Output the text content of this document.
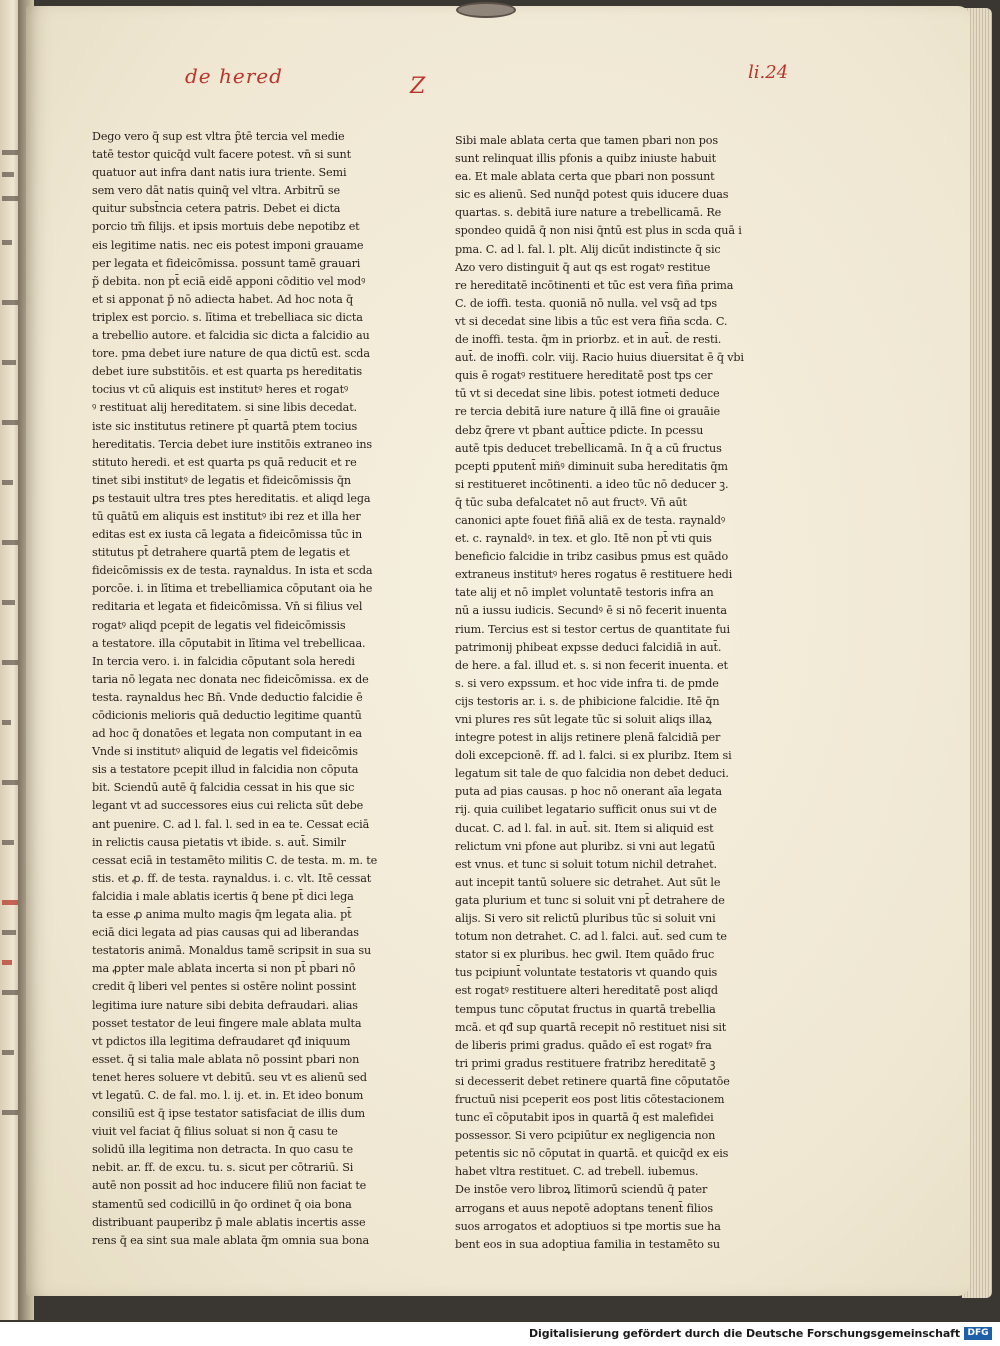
de hered	Z
li.24
Dego vero q̄ sup est vltra p̃tē tercia vel medie
tatē testor quicq̄d vult facere potest. vn̄ si sunt
quatuor aut infra dant natis iura triente. Semi
sem vero dāt natis quinq̄ vel vltra. Arbitrū se
quitur subst̄ncia cetera patris. Debet ei dicta
porcio tm̄ filijs. et ipsis mortuis debe nepotibz et
eis legitime natis. nec eis potest imponi grauame
per legata et fideicōmissa. possunt tamē grauari
p̃ debita. non pt̄ eciā eidē apponi cōditio vel modꝰ
et si apponat p̄ nō adiecta habet. Ad hoc nota q̄
triplex est porcio. s. lītima et trebelliaca sic dicta
a trebellio autore. et falcidia sic dicta a falcidio au
tore. pma debet iure nature de qua dictū est. scda
debet iure substitōis. et est quarta ps hereditatis
tocius vt cū aliquis est institutꝰ heres et rogatꝰ
ꝰ restituat alij hereditatem. si sine libis decedat.
iste sic institutus retinere pt̄ quartā ptem tocius
hereditatis. Tercia debet iure institōis extraneo ins
stituto heredi. et est quarta ps quā reducit et re
tinet sibi institutꝰ de legatis et fideicōmissis q̄n
ꝑs testauit ultra tres ptes hereditatis. et aliqd lega
tū quātū em aliquis est institutꝰ ibi rez et illa her
editas est ex iusta cā legata a fideicōmissa tūc in
stitutus pt̄ detrahere quartā ptem de legatis et
fideicōmissis ex de testa. raynaldus. In ista et scda
porcōe. i. in lītima et trebelliamica cōputant oia he
reditaria et legata et fideicōmissa. Vn̄ si filius vel
rogatꝰ aliqd pcepit de legatis vel fideicōmissis
a testatore. illa cōputabit in lītima vel trebellicaa.
In tercia vero. i. in falcidia cōputant sola heredi
taria nō legata nec donata nec fideicōmissa. ex de
testa. raynaldus hec Bn̄. Vnde deductio falcidie ē
cōdicionis melioris quā deductio legitime quantū
ad hoc q̄ donatōes et legata non computant in ea
Vnde si institutꝰ aliquid de legatis vel fideicōmis
sis a testatore pcepit illud in falcidia non cōputa
bit. Sciendū autē q̄ falcidia cessat in his que sic
legant vt ad successores eius cui relicta sūt debe
ant puenire. C. ad l. fal. l. sed in ea te. Cessat eciā
in relictis causa pietatis vt ibide. s. aut̄. Similr
cessat eciā in testamēto militis C. de testa. m. m. te
stis. et ꝓ. ff. de testa. raynaldus. i. c. vlt. Itē cessat
falcidia i male ablatis icertis q̄ bene pt̄ dici lega
ta esse ꝓ anima multo magis q̄m legata alia. pt̄
eciā dici legata ad pias causas qui ad liberandas
testatoris animā. Monaldus tamē scripsit in sua su
ma ꝓpter male ablata incerta si non pt̄ pbari nō
credit q̄ liberi vel pentes si ostēre nolint possint
legitima iure nature sibi debita defraudari. alias
posset testator de leui fingere male ablata multa
vt pdictos illa legitima defraudaret qđ iniquum
esset. q̄ si talia male ablata nō possint pbari non
tenet heres soluere vt debitū. seu vt es alienū sed
vt legatū. C. de fal. mo. l. ij. et. in. Et ideo bonum
consiliū est q̄ ipse testator satisfaciat de illis dum
viuit vel faciat q̄ filius soluat si non q̄ casu te
solidū illa legitima non detracta. In quo casu te
nebit. ar. ff. de excu. tu. s. sicut per cōtrariū. Si
autē non possit ad hoc inducere filiū non faciat te
stamentū sed codicillū in q̄o ordinet q̄ oia bona
distribuant pauperibz p̄ male ablatis incertis asse
rens q̄ ea sint sua male ablata q̄m omnia sua bona
Sibi male ablata certa que tamen pbari non pos
sunt relinquat illis pfonis a quibz iniuste habuit
ea. Et male ablata certa que pbari non possunt
sic es alienū. Sed nunq̄d potest quis iducere duas
quartas. s. debitā iure nature a trebellicamā. Re
spondeo quidā q̄ non nisi q̄ntū est plus in scda quā i
pma. C. ad l. fal. l. plt. Alij dicūt indistincte q̄ sic
Azo vero distinguit q̄ aut qs est rogatꝰ restitue
re hereditatē incōtinenti et tūc est vera fiña prima
C. de ioffi. testa. quoniā nō nulla. vel vsq̄ ad tps
vt si decedat sine libis a tūc est vera fiña scda. C.
de inoffi. testa. q̄m in priorbz. et in aut̄. de resti.
aut̄. de inoffi. colr. viij. Racio huius diuersitat ē q̄ vbi
quis ē rogatꝰ restituere hereditatē post tps cer
tū vt si decedat sine libis. potest iotmeti deduce
re tercia debitā iure nature q̄ illā fine oi grauāie
debz q̄rere vt pbant aut̄tice pdicte. In pcessu
autē tpis deducet trebellicamā. In q̄ a cū fructus
pcepti ꝑputent̄ miñꝰ diminuit suba hereditatis q̄m
si restitueret incōtinenti. a ideo tūc nō deducer ꝫ.
q̄ tūc suba defalcatet nō aut fructꝰ. Vn̄ aūt
canonici apte fouet fiñā aliā ex de testa. raynaldꝰ
et. c. raynaldꝰ. in tex. et glo. Itē non pt̄ vti quis
beneficio falcidie in tribz casibus pmus est quādo
extraneus institutꝰ heres rogatus ē restituere hedi
tate alij et nō implet voluntatē testoris infra an
nū a iussu iudicis. Secundꝰ ē si nō fecerit inuenta
rium. Tercius est si testor certus de quantitate fui
patrimonij phibeat expsse deduci falcidiā in aut̄.
de here. a fal. illud et. s. si non fecerit inuenta. et
s. si vero expssum. et hoc vide infra ti. de pmde
cijs testoris ar. i. s. de phibicione falcidie. Itē q̄n
vni plures res sūt legate tūc si soluit aliqs illaꝝ
integre potest in alijs retinere plenā falcidiā per
doli excepcionē. ff. ad l. falci. si ex pluribz. Item si
legatum sit tale de quo falcidia non debet deduci.
puta ad pias causas. p hoc nō onerant aīa legata
rij. quia cuilibet legatario sufficit onus sui vt de
ducat. C. ad l. fal. in aut̄. sit. Item si aliquid est
relictum vni pfone aut pluribz. si vni aut legatū
est vnus. et tunc si soluit totum nichil detrahet.
aut incepit tantū soluere sic detrahet. Aut sūt le
gata plurium et tunc si soluit vni pt̄ detrahere de
alijs. Si vero sit relictū pluribus tūc si soluit vni
totum non detrahet. C. ad l. falci. aut̄. sed cum te
stator si ex pluribus. hec gwil. Item quādo fruc
tus pcipiunt̄ voluntate testatoris vt quando quis
est rogatꝰ restituere alteri hereditatē post aliqd
tempus tunc cōputat fructus in quartā trebellia
mcā. et qđ sup quartā recepit nō restituet nisi sit
de liberis primi gradus. quādo eī est rogatꝰ fra
tri primi gradus restituere fratribz hereditatē ꝫ
si decesserit debet retinere quartā fine cōputatōe
fructuū nisi pceperit eos post litis cōtestacionem
tunc eī cōputabit ipos in quartā q̄ est malefidei
possessor. Si vero pcipiūtur ex negligencia non
petentis sic nō cōputat in quartā. et quicq̄d ex eis
habet vltra restituet. C. ad trebell. iubemus.
De instōe vero libroꝝ lītimorū sciendū q̄ pater
arrogans et auus nepotē adoptans tenent̄ filios
suos arrogatos et adoptiuos si tpe mortis sue ha
bent eos in sua adoptiua familia in testamēto su
Digitalisierung gefördert durch die Deutsche Forschungsgemeinschaft DFG
